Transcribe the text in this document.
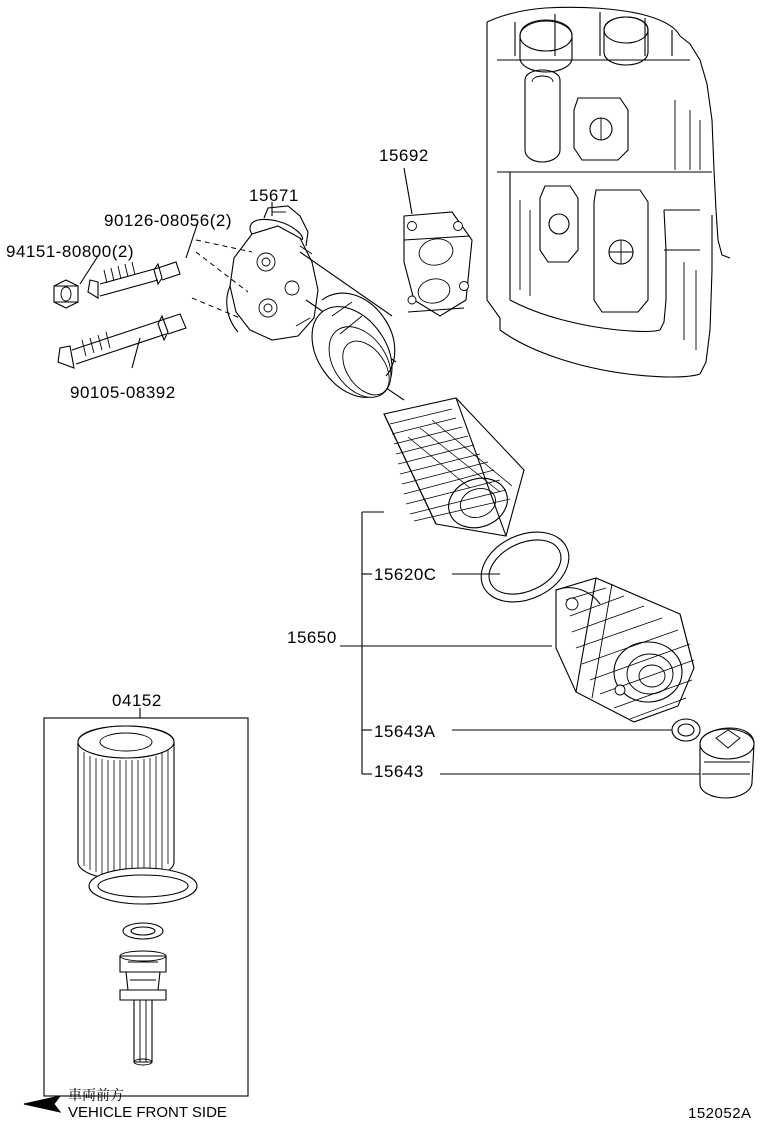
94151-80800(2)
90126-08056(2)
15671
90105-08392
15692
15620C
15650
15643A
15643
04152
車両前方
VEHICLE FRONT SIDE	152052A
